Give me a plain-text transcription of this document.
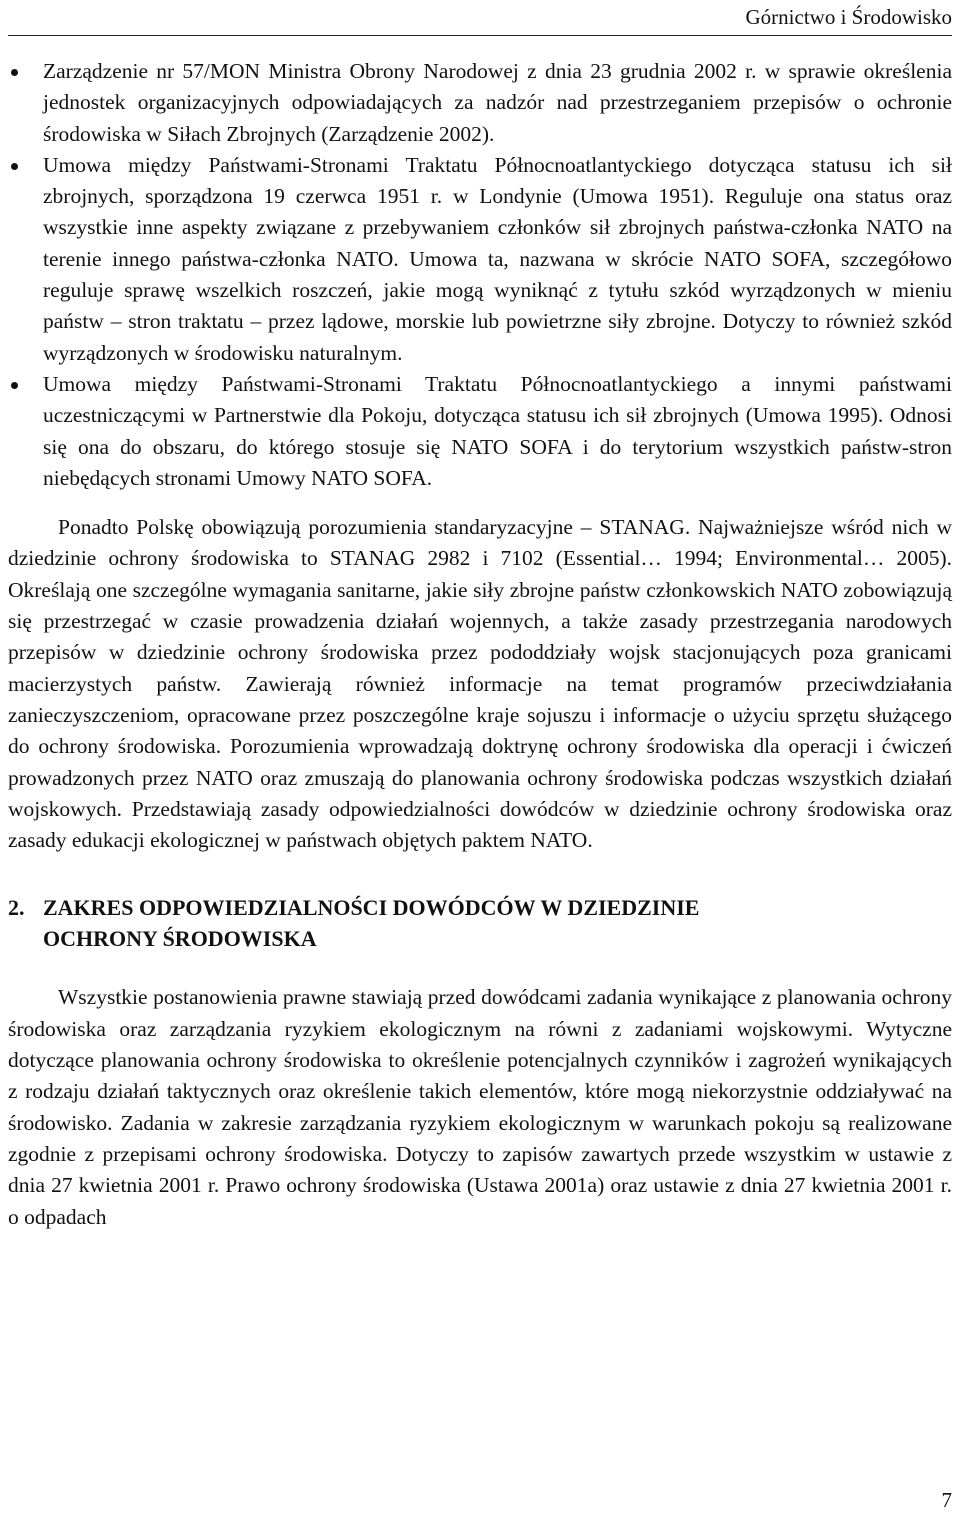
Górnictwo i Środowisko
Zarządzenie nr 57/MON Ministra Obrony Narodowej z dnia 23 grudnia 2002 r. w sprawie określenia jednostek organizacyjnych odpowiadających za nadzór nad przestrzeganiem przepisów o ochronie środowiska w Siłach Zbrojnych (Zarządzenie 2002).
Umowa między Państwami-Stronami Traktatu Północnoatlantyckiego dotycząca statusu ich sił zbrojnych, sporządzona 19 czerwca 1951 r. w Londynie (Umowa 1951). Reguluje ona status oraz wszystkie inne aspekty związane z przebywaniem członków sił zbrojnych państwa-członka NATO na terenie innego państwa-członka NATO. Umowa ta, nazwana w skrócie NATO SOFA, szczegółowo reguluje sprawę wszelkich roszczeń, jakie mogą wyniknąć z tytułu szkód wyrządzonych w mieniu państw – stron traktatu – przez lądowe, morskie lub powietrzne siły zbrojne. Dotyczy to również szkód wyrządzonych w środowisku naturalnym.
Umowa między Państwami-Stronami Traktatu Północnoatlantyckiego a innymi państwami uczestniczącymi w Partnerstwie dla Pokoju, dotycząca statusu ich sił zbrojnych (Umowa 1995). Odnosi się ona do obszaru, do którego stosuje się NATO SOFA i do terytorium wszystkich państw-stron niebędących stronami Umowy NATO SOFA.

Ponadto Polskę obowiązują porozumienia standaryzacyjne – STANAG. Najważniejsze wśród nich w dziedzinie ochrony środowiska to STANAG 2982 i 7102 (Essential… 1994; Environmental… 2005). Określają one szczególne wymagania sanitarne, jakie siły zbrojne państw członkowskich NATO zobowiązują się przestrzegać w czasie prowadzenia działań wojennych, a także zasady przestrzegania narodowych przepisów w dziedzinie ochrony środowiska przez pododdziały wojsk stacjonujących poza granicami macierzystych państw. Zawierają również informacje na temat programów przeciwdziałania zanieczyszczeniom, opracowane przez poszczególne kraje sojuszu i informacje o użyciu sprzętu służącego do ochrony środowiska. Porozumienia wprowadzają doktrynę ochrony środowiska dla operacji i ćwiczeń prowadzonych przez NATO oraz zmuszają do planowania ochrony środowiska podczas wszystkich działań wojskowych. Przedstawiają zasady odpowiedzialności dowódców w dziedzinie ochrony środowiska oraz zasady edukacji ekologicznej w państwach objętych paktem NATO.

2. ZAKRES ODPOWIEDZIALNOŚCI DOWÓDCÓW W DZIEDZINIE
OCHRONY ŚRODOWISKA

Wszystkie postanowienia prawne stawiają przed dowódcami zadania wynikające z planowania ochrony środowiska oraz zarządzania ryzykiem ekologicznym na równi z zadaniami wojskowymi. Wytyczne dotyczące planowania ochrony środowiska to określenie potencjalnych czynników i zagrożeń wynikających z rodzaju działań taktycznych oraz określenie takich elementów, które mogą niekorzystnie oddziaływać na środowisko. Zadania w zakresie zarządzania ryzykiem ekologicznym w warunkach pokoju są realizowane zgodnie z przepisami ochrony środowiska. Dotyczy to zapisów zawartych przede wszystkim w ustawie z dnia 27 kwietnia 2001 r. Prawo ochrony środowiska (Ustawa 2001a) oraz ustawie z dnia 27 kwietnia 2001 r. o odpadach

7
